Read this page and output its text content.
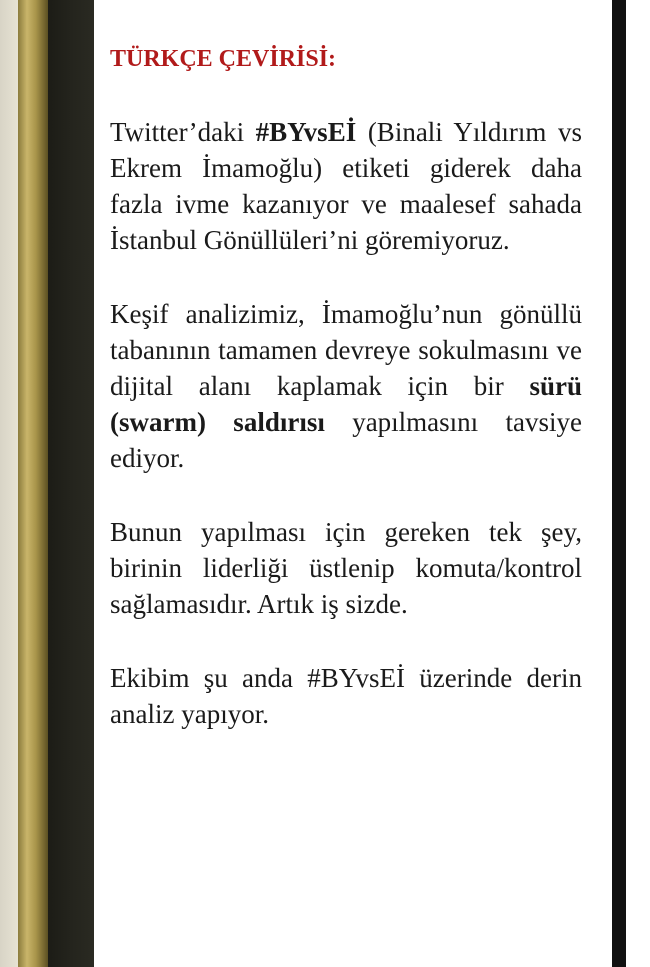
TÜRKÇE ÇEVİRİSİ:

Twitter’daki #BYvsEİ (Binali Yıldırım vs Ekrem İmamoğlu) etiketi giderek daha fazla ivme kazanıyor ve maalesef sahada İstanbul Gönüllüleri’ni göremiyoruz.

Keşif analizimiz, İmamoğlu’nun gönüllü tabanının tamamen devreye sokulmasını ve dijital alanı kaplamak için bir sürü (swarm) saldırısı yapılmasını tavsiye ediyor.

Bunun yapılması için gereken tek şey, birinin liderliği üstlenip komuta/kontrol sağlamasıdır. Artık iş sizde.

Ekibim şu anda #BYvsEİ üzerinde derin analiz yapıyor.
